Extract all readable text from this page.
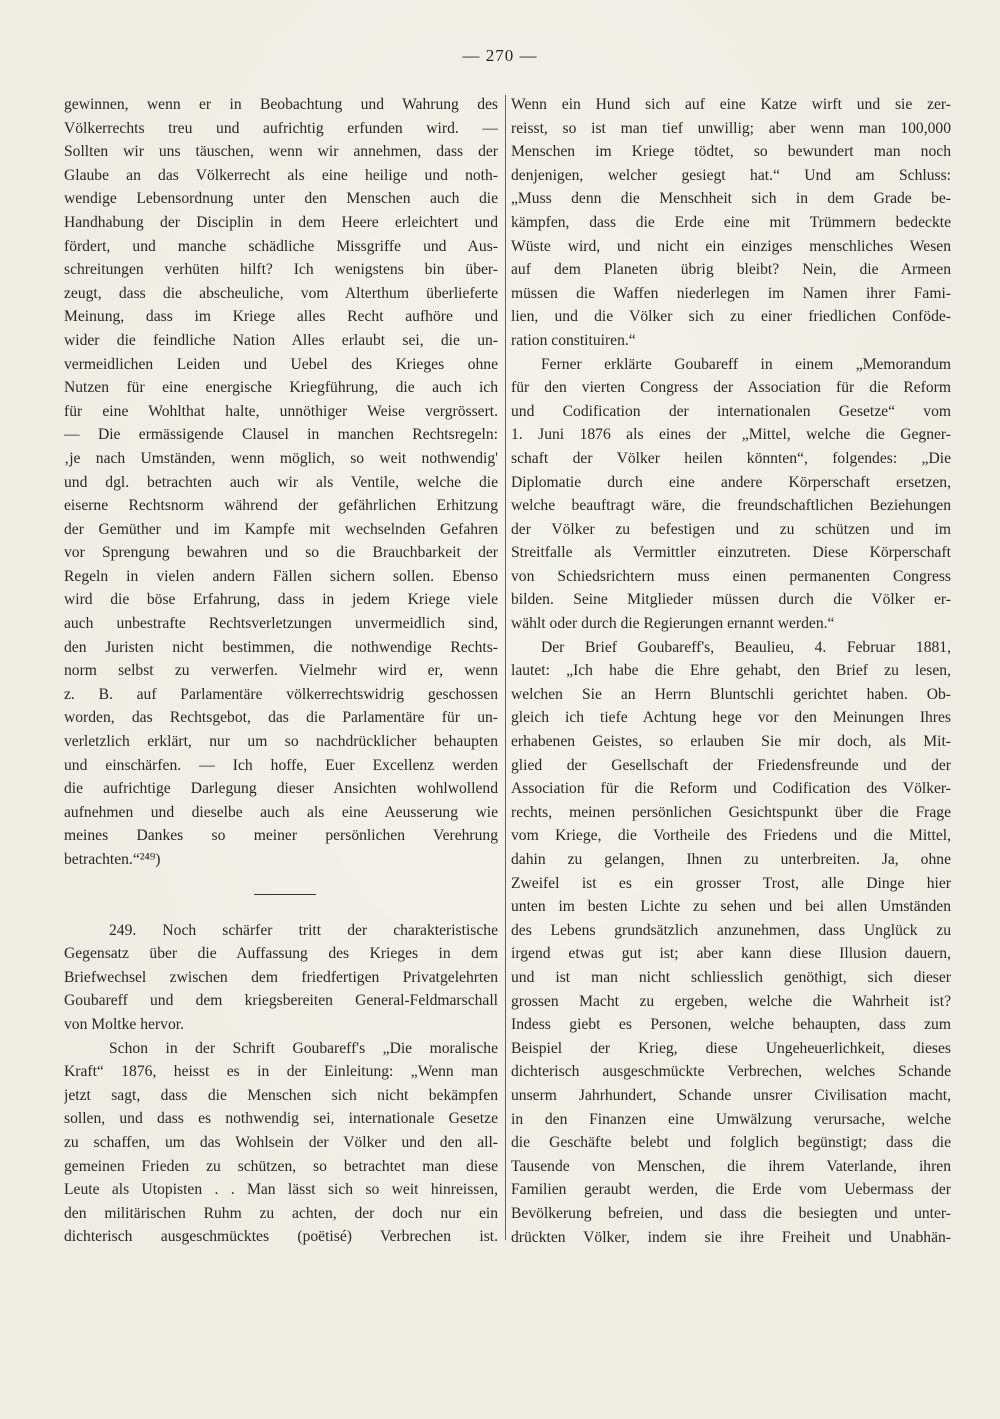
— 270 —
gewinnen, wenn er in Beobachtung und Wahrung des
Völkerrechts treu und aufrichtig erfunden wird. —
Sollten wir uns täuschen, wenn wir annehmen, dass der
Glaube an das Völkerrecht als eine heilige und noth-
wendige Lebensordnung unter den Menschen auch die
Handhabung der Disciplin in dem Heere erleichtert und
fördert, und manche schädliche Missgriffe und Aus-
schreitungen verhüten hilft? Ich wenigstens bin über-
zeugt, dass die abscheuliche, vom Alterthum überlieferte
Meinung, dass im Kriege alles Recht aufhöre und
wider die feindliche Nation Alles erlaubt sei, die un-
vermeidlichen Leiden und Uebel des Krieges ohne
Nutzen für eine energische Kriegführung, die auch ich
für eine Wohlthat halte, unnöthiger Weise vergrössert.
— Die ermässigende Clausel in manchen Rechtsregeln:
‚je nach Umständen, wenn möglich, so weit nothwendig'
und dgl. betrachten auch wir als Ventile, welche die
eiserne Rechtsnorm während der gefährlichen Erhitzung
der Gemüther und im Kampfe mit wechselnden Gefahren
vor Sprengung bewahren und so die Brauchbarkeit der
Regeln in vielen andern Fällen sichern sollen. Ebenso
wird die böse Erfahrung, dass in jedem Kriege viele
auch unbestrafte Rechtsverletzungen unvermeidlich sind,
den Juristen nicht bestimmen, die nothwendige Rechts-
norm selbst zu verwerfen. Vielmehr wird er, wenn
z. B. auf Parlamentäre völkerrechtswidrig geschossen
worden, das Rechtsgebot, das die Parlamentäre für un-
verletzlich erklärt, nur um so nachdrücklicher behaupten
und einschärfen. — Ich hoffe, Euer Excellenz werden
die aufrichtige Darlegung dieser Ansichten wohlwollend
aufnehmen und dieselbe auch als eine Aeusserung wie
meines Dankes so meiner persönlichen Verehrung
betrachten.“²⁴⁹)
249. Noch schärfer tritt der charakteristische
Gegensatz über die Auffassung des Krieges in dem
Briefwechsel zwischen dem friedfertigen Privatgelehrten
Goubareff und dem kriegsbereiten General-Feldmarschall
von Moltke hervor.
Schon in der Schrift Goubareff's „Die moralische
Kraft“ 1876, heisst es in der Einleitung: „Wenn man
jetzt sagt, dass die Menschen sich nicht bekämpfen
sollen, und dass es nothwendig sei, internationale Gesetze
zu schaffen, um das Wohlsein der Völker und den all-
gemeinen Frieden zu schützen, so betrachtet man diese
Leute als Utopisten . . Man lässt sich so weit hinreissen,
den militärischen Ruhm zu achten, der doch nur ein
dichterisch ausgeschmücktes (poëtisé) Verbrechen ist.
Wenn ein Hund sich auf eine Katze wirft und sie zer-
reisst, so ist man tief unwillig; aber wenn man 100,000
Menschen im Kriege tödtet, so bewundert man noch
denjenigen, welcher gesiegt hat.“ Und am Schluss:
„Muss denn die Menschheit sich in dem Grade be-
kämpfen, dass die Erde eine mit Trümmern bedeckte
Wüste wird, und nicht ein einziges menschliches Wesen
auf dem Planeten übrig bleibt? Nein, die Armeen
müssen die Waffen niederlegen im Namen ihrer Fami-
lien, und die Völker sich zu einer friedlichen Confödе-
ration constituiren.“
Ferner erklärte Goubareff in einem „Memorandum
für den vierten Congress der Association für die Reform
und Codification der internationalen Gesetze“ vom
1. Juni 1876 als eines der „Mittel, welche die Gegner-
schaft der Völker heilen könnten“, folgendes: „Die
Diplomatie durch eine andere Körperschaft ersetzen,
welche beauftragt wäre, die freundschaftlichen Beziehungen
der Völker zu befestigen und zu schützen und im
Streitfalle als Vermittler einzutreten. Diese Körperschaft
von Schiedsrichtern muss einen permanenten Congress
bilden. Seine Mitglieder müssen durch die Völker er-
wählt oder durch die Regierungen ernannt werden.“
Der Brief Goubareff's, Beaulieu, 4. Februar 1881,
lautet: „Ich habe die Ehre gehabt, den Brief zu lesen,
welchen Sie an Herrn Bluntschli gerichtet haben. Ob-
gleich ich tiefe Achtung hege vor den Meinungen Ihres
erhabenen Geistes, so erlauben Sie mir doch, als Mit-
glied der Gesellschaft der Friedensfreunde und der
Association für die Reform und Codification des Völker-
rechts, meinen persönlichen Gesichtspunkt über die Frage
vom Kriege, die Vortheile des Friedens und die Mittel,
dahin zu gelangen, Ihnen zu unterbreiten. Ja, ohne
Zweifel ist es ein grosser Trost, alle Dinge hier
unten im besten Lichte zu sehen und bei allen Umständen
des Lebens grundsätzlich anzunehmen, dass Unglück zu
irgend etwas gut ist; aber kann diese Illusion dauern,
und ist man nicht schliesslich genöthigt, sich dieser
grossen Macht zu ergeben, welche die Wahrheit ist?
Indess giebt es Personen, welche behaupten, dass zum
Beispiel der Krieg, diese Ungeheuerlichkeit, dieses
dichterisch ausgeschmückte Verbrechen, welches Schande
unserm Jahrhundert, Schande unsrer Civilisation macht,
in den Finanzen eine Umwälzung verursache, welche
die Geschäfte belebt und folglich begünstigt; dass die
Tausende von Menschen, die ihrem Vaterlande, ihren
Familien geraubt werden, die Erde vom Uebermass der
Bevölkerung befreien, und dass die besiegten und unter-
drückten Völker, indem sie ihre Freiheit und Unabhän-
